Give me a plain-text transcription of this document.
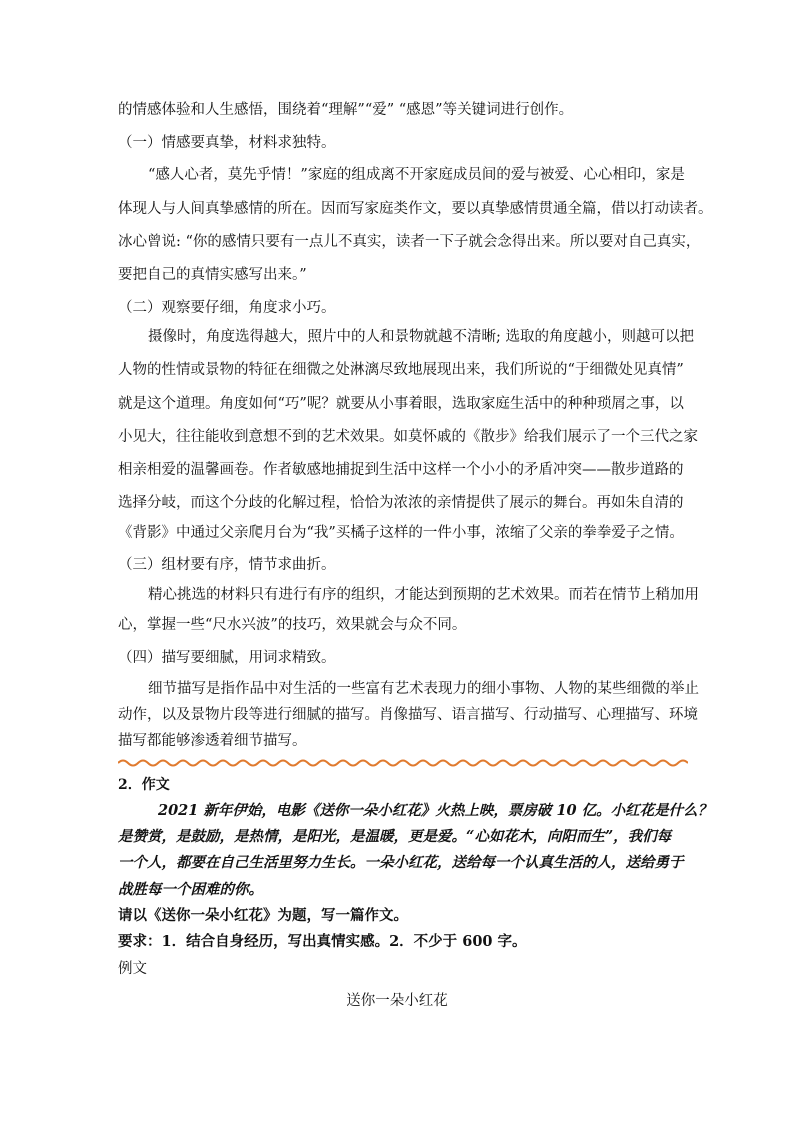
的情感体验和人生感悟，围绕着“理解”“爱” “感恩”等关键词进行创作。
（一）情感要真挚，材料求独特。
“感人心者，莫先乎情！”家庭的组成离不开家庭成员间的爱与被爱、心心相印，家是
体现人与人间真挚感情的所在。因而写家庭类作文，要以真挚感情贯通全篇，借以打动读者。
冰心曾说: “你的感情只要有一点儿不真实，读者一下子就会念得出来。所以要对自己真实，
要把自己的真情实感写出来。”
（二）观察要仔细，角度求小巧。
摄像时，角度选得越大，照片中的人和景物就越不清晰; 选取的角度越小，则越可以把
人物的性情或景物的特征在细微之处淋漓尽致地展现出来，我们所说的“于细微处见真情”
就是这个道理。角度如何“巧”呢？就要从小事着眼，选取家庭生活中的种种琐屑之事，以
小见大，往往能收到意想不到的艺术效果。如莫怀戚的《散步》给我们展示了一个三代之家
相亲相爱的温馨画卷。作者敏感地捕捉到生活中这样一个小小的矛盾冲突——散步道路的
选择分岐，而这个分歧的化解过程，恰恰为浓浓的亲情提供了展示的舞台。再如朱自清的
《背影》中通过父亲爬月台为“我”买橘子这样的一件小事，浓缩了父亲的拳拳爱子之情。
（三）组材要有序，情节求曲折。
精心挑选的材料只有进行有序的组织，才能达到预期的艺术效果。而若在情节上稍加用
心，掌握一些“尺水兴波”的技巧，效果就会与众不同。
（四）描写要细腻，用词求精致。
细节描写是指作品中对生活的一些富有艺术表现力的细小事物、人物的某些细微的举止
动作，以及景物片段等进行细腻的描写。肖像描写、语言描写、行动描写、心理描写、环境
描写都能够渗透着细节描写。
2．作文
2021 新年伊始，电影《送你一朵小红花》火热上映，票房破 10 亿。小红花是什么？
是赞赏，是鼓励，是热情，是阳光，是温暖，更是爱。“心如花木，向阳而生”，我们每
一个人，都要在自己生活里努力生长。一朵小红花，送给每一个认真生活的人，送给勇于
战胜每一个困难的你。
请以《送你一朵小红花》为题，写一篇作文。
要求：1．结合自身经历，写出真情实感。2．不少于 600 字。
例文
送你一朵小红花
